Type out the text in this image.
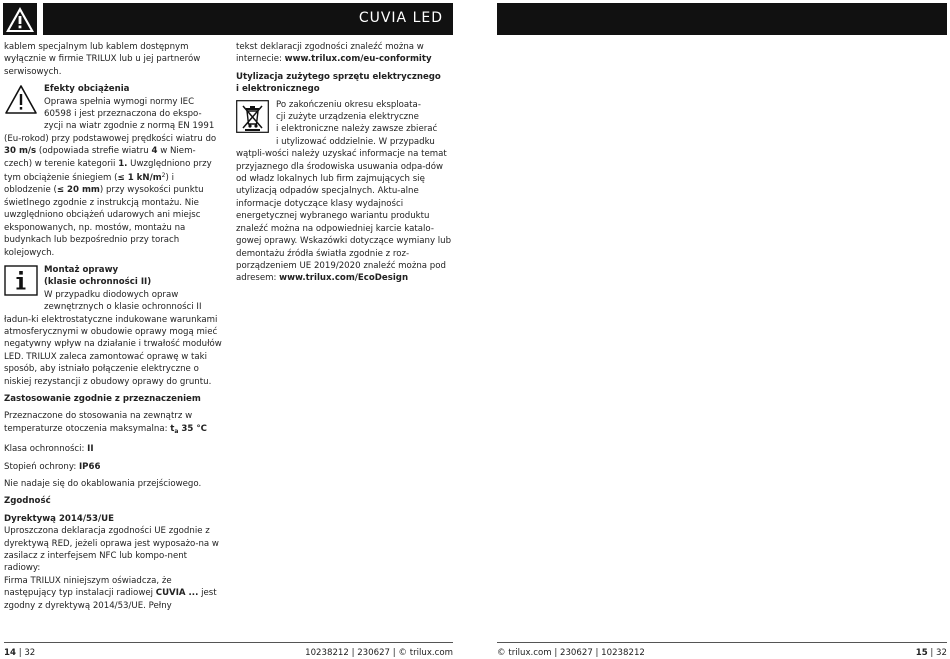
CUVIA LED

kablem specjalnym lub kablem dostępnym wyłącznie w firmie TRILUX lub u jej partnerów serwisowych.

Efekty obciążenia
Oprawa spełnia wymogi normy IEC
60598 i jest przeznaczona do ekspo-
zycji na wiatr zgodnie z normą EN 1991 (Eu-rokod) przy podstawowej prędkości wiatru do 30 m/s (odpowiada strefie wiatru 4 w Niem-czech) w terenie kategorii 1. Uwzględniono przy tym obciążenie śniegiem (≤ 1 $kN/m^2$) i oblodzenie (≤ 20 mm) przy wysokości punktu świetlnego zgodnie z instrukcją montażu. Nie uwzględniono obciążeń udarowych ani miejsc eksponowanych, np. mostów, montażu na budynkach lub bezpośrednio przy torach kolejowych.
Montaż oprawy
(klasie ochronności II)
W przypadku diodowych opraw
zewnętrznych o klasie ochronności II ładun-ki elektrostatyczne indukowane warunkami atmosferycznymi w obudowie oprawy mogą mieć negatywny wpływ na działanie i trwałość modułów LED. TRILUX zaleca zamontować oprawę w taki sposób, aby istniało połączenie elektryczne o niskiej rezystancji z obudowy oprawy do gruntu.

Zastosowanie zgodnie z przeznaczeniem

Przeznaczone do stosowania na zewnątrz w temperaturze otoczenia maksymalna: $t_a$ 35 °C

Klasa ochronności: II

Stopień ochrony: IP66

Nie nadaje się do okablowania przejściowego.

Zgodność

Dyrektywą 2014/53/UE

Uproszczona deklaracja zgodności UE zgodnie z dyrektywą RED, jeżeli oprawa jest wyposażo-na w zasilacz z interfejsem NFC lub kompo-nent radiowy:

Firma TRILUX niniejszym oświadcza, że następujący typ instalacji radiowej CUVIA ... jest zgodny z dyrektywą 2014/53/UE. Pełny

14 | 32	10238212 | 230627 | © trilux.com	© trilux.com | 230627 | 10238212	15 | 32

tekst deklaracji zgodności znaleźć można w internecie: www.trilux.com/eu-conformity

Utylizacja zużytego sprzętu elektrycznego

i elektronicznego

Po zakończeniu okresu eksploata-
cji zużyte urządzenia elektryczne
i elektroniczne należy zawsze zbierać
i utylizować oddzielnie. W przypadku wątpli-wości należy uzyskać informacje na temat przyjaznego dla środowiska usuwania odpa-dów od władz lokalnych lub firm zajmujących się utylizacją odpadów specjalnych. Aktu-alne informacje dotyczące klasy wydajności energetycznej wybranego wariantu produktu znaleźć można na odpowiedniej karcie katalo-gowej oprawy. Wskazówki dotyczące wymiany lub demontażu źródła światła zgodnie z roz-porządzeniem UE 2019/2020 znaleźć można pod adresem: www.trilux.com/EcoDesign
